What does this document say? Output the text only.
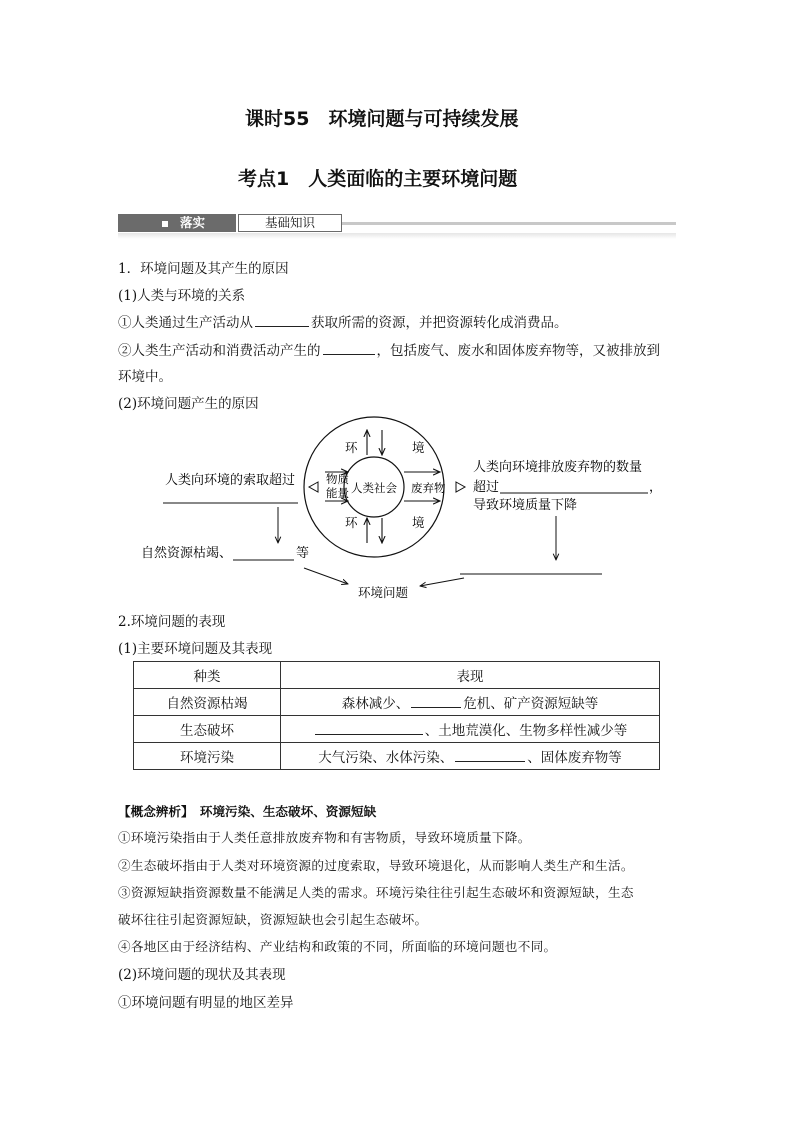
课时55　环境问题与可持续发展
考点1　人类面临的主要环境问题
落实	基础知识
1．环境问题及其产生的原因
(1)人类与环境的关系
①人类通过生产活动从	获取所需的资源，并把资源转化成消费品。
②人类生产活动和消费活动产生的	，包括废气、废水和固体废弃物等，又被排放到
环境中。
(2)环境问题产生的原因
环	境
环	境
物质
能量 人类社会 废弃物
人类向环境的索取超过
自然资源枯竭、	等
人类向环境排放废弃物的数量
超过	，
导致环境质量下降
环境问题
2.环境问题的表现
(1)主要环境问题及其表现
种类	表现
自然资源枯竭	森林减少、 危机、矿产资源短缺等
生态破坏	、土地荒漠化、生物多样性减少等
环境污染	大气污染、水体污染、 、固体废弃物等
【概念辨析】　环境污染、生态破坏、资源短缺
①环境污染指由于人类任意排放废弃物和有害物质，导致环境质量下降。
②生态破坏指由于人类对环境资源的过度索取，导致环境退化，从而影响人类生产和生活。
③资源短缺指资源数量不能满足人类的需求。环境污染往往引起生态破坏和资源短缺，生态
破坏往往引起资源短缺，资源短缺也会引起生态破坏。
④各地区由于经济结构、产业结构和政策的不同，所面临的环境问题也不同。
(2)环境问题的现状及其表现
①环境问题有明显的地区差异
